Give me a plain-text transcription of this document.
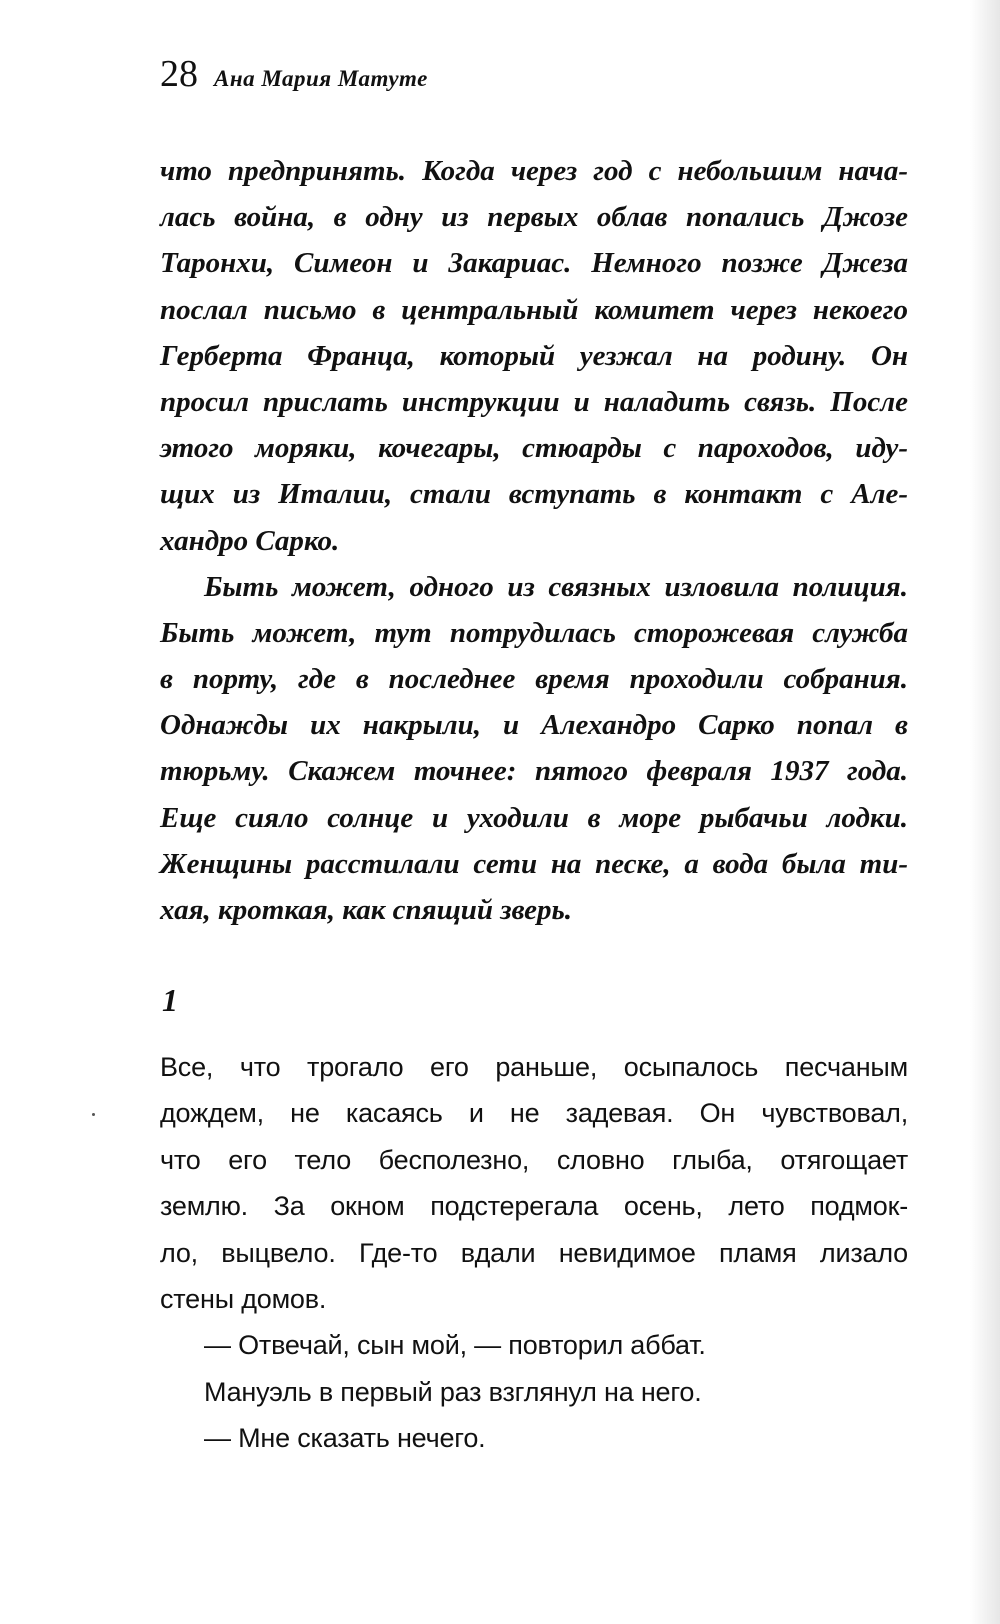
28 Ана Мария Матуте
что предпринять. Когда через год с небольшим нача-
лась война, в одну из первых облав попались Джозе
Таронхи, Симеон и Закариас. Немного позже Джеза
послал письмо в центральный комитет через некоего
Герберта Франца, который уезжал на родину. Он
просил прислать инструкции и наладить связь. После
этого моряки, кочегары, стюарды с пароходов, иду-
щих из Италии, стали вступать в контакт с Але-
хандро Сарко.
Быть может, одного из связных изловила полиция.
Быть может, тут потрудилась сторожевая служба
в порту, где в последнее время проходили собрания.
Однажды их накрыли, и Алехандро Сарко попал в
тюрьму. Скажем точнее: пятого февраля 1937 года.
Еще сияло солнце и уходили в море рыбачьи лодки.
Женщины расстилали сети на песке, а вода была ти-
хая, кроткая, как спящий зверь.
1
Все, что трогало его раньше, осыпалось песчаным
дождем, не касаясь и не задевая. Он чувствовал,
что его тело бесполезно, словно глыба, отягощает
землю. За окном подстерегала осень, лето подмок-
ло, выцвело. Где-то вдали невидимое пламя лизало
стены домов.
— Отвечай, сын мой, — повторил аббат.
Мануэль в первый раз взглянул на него.
— Мне сказать нечего.
